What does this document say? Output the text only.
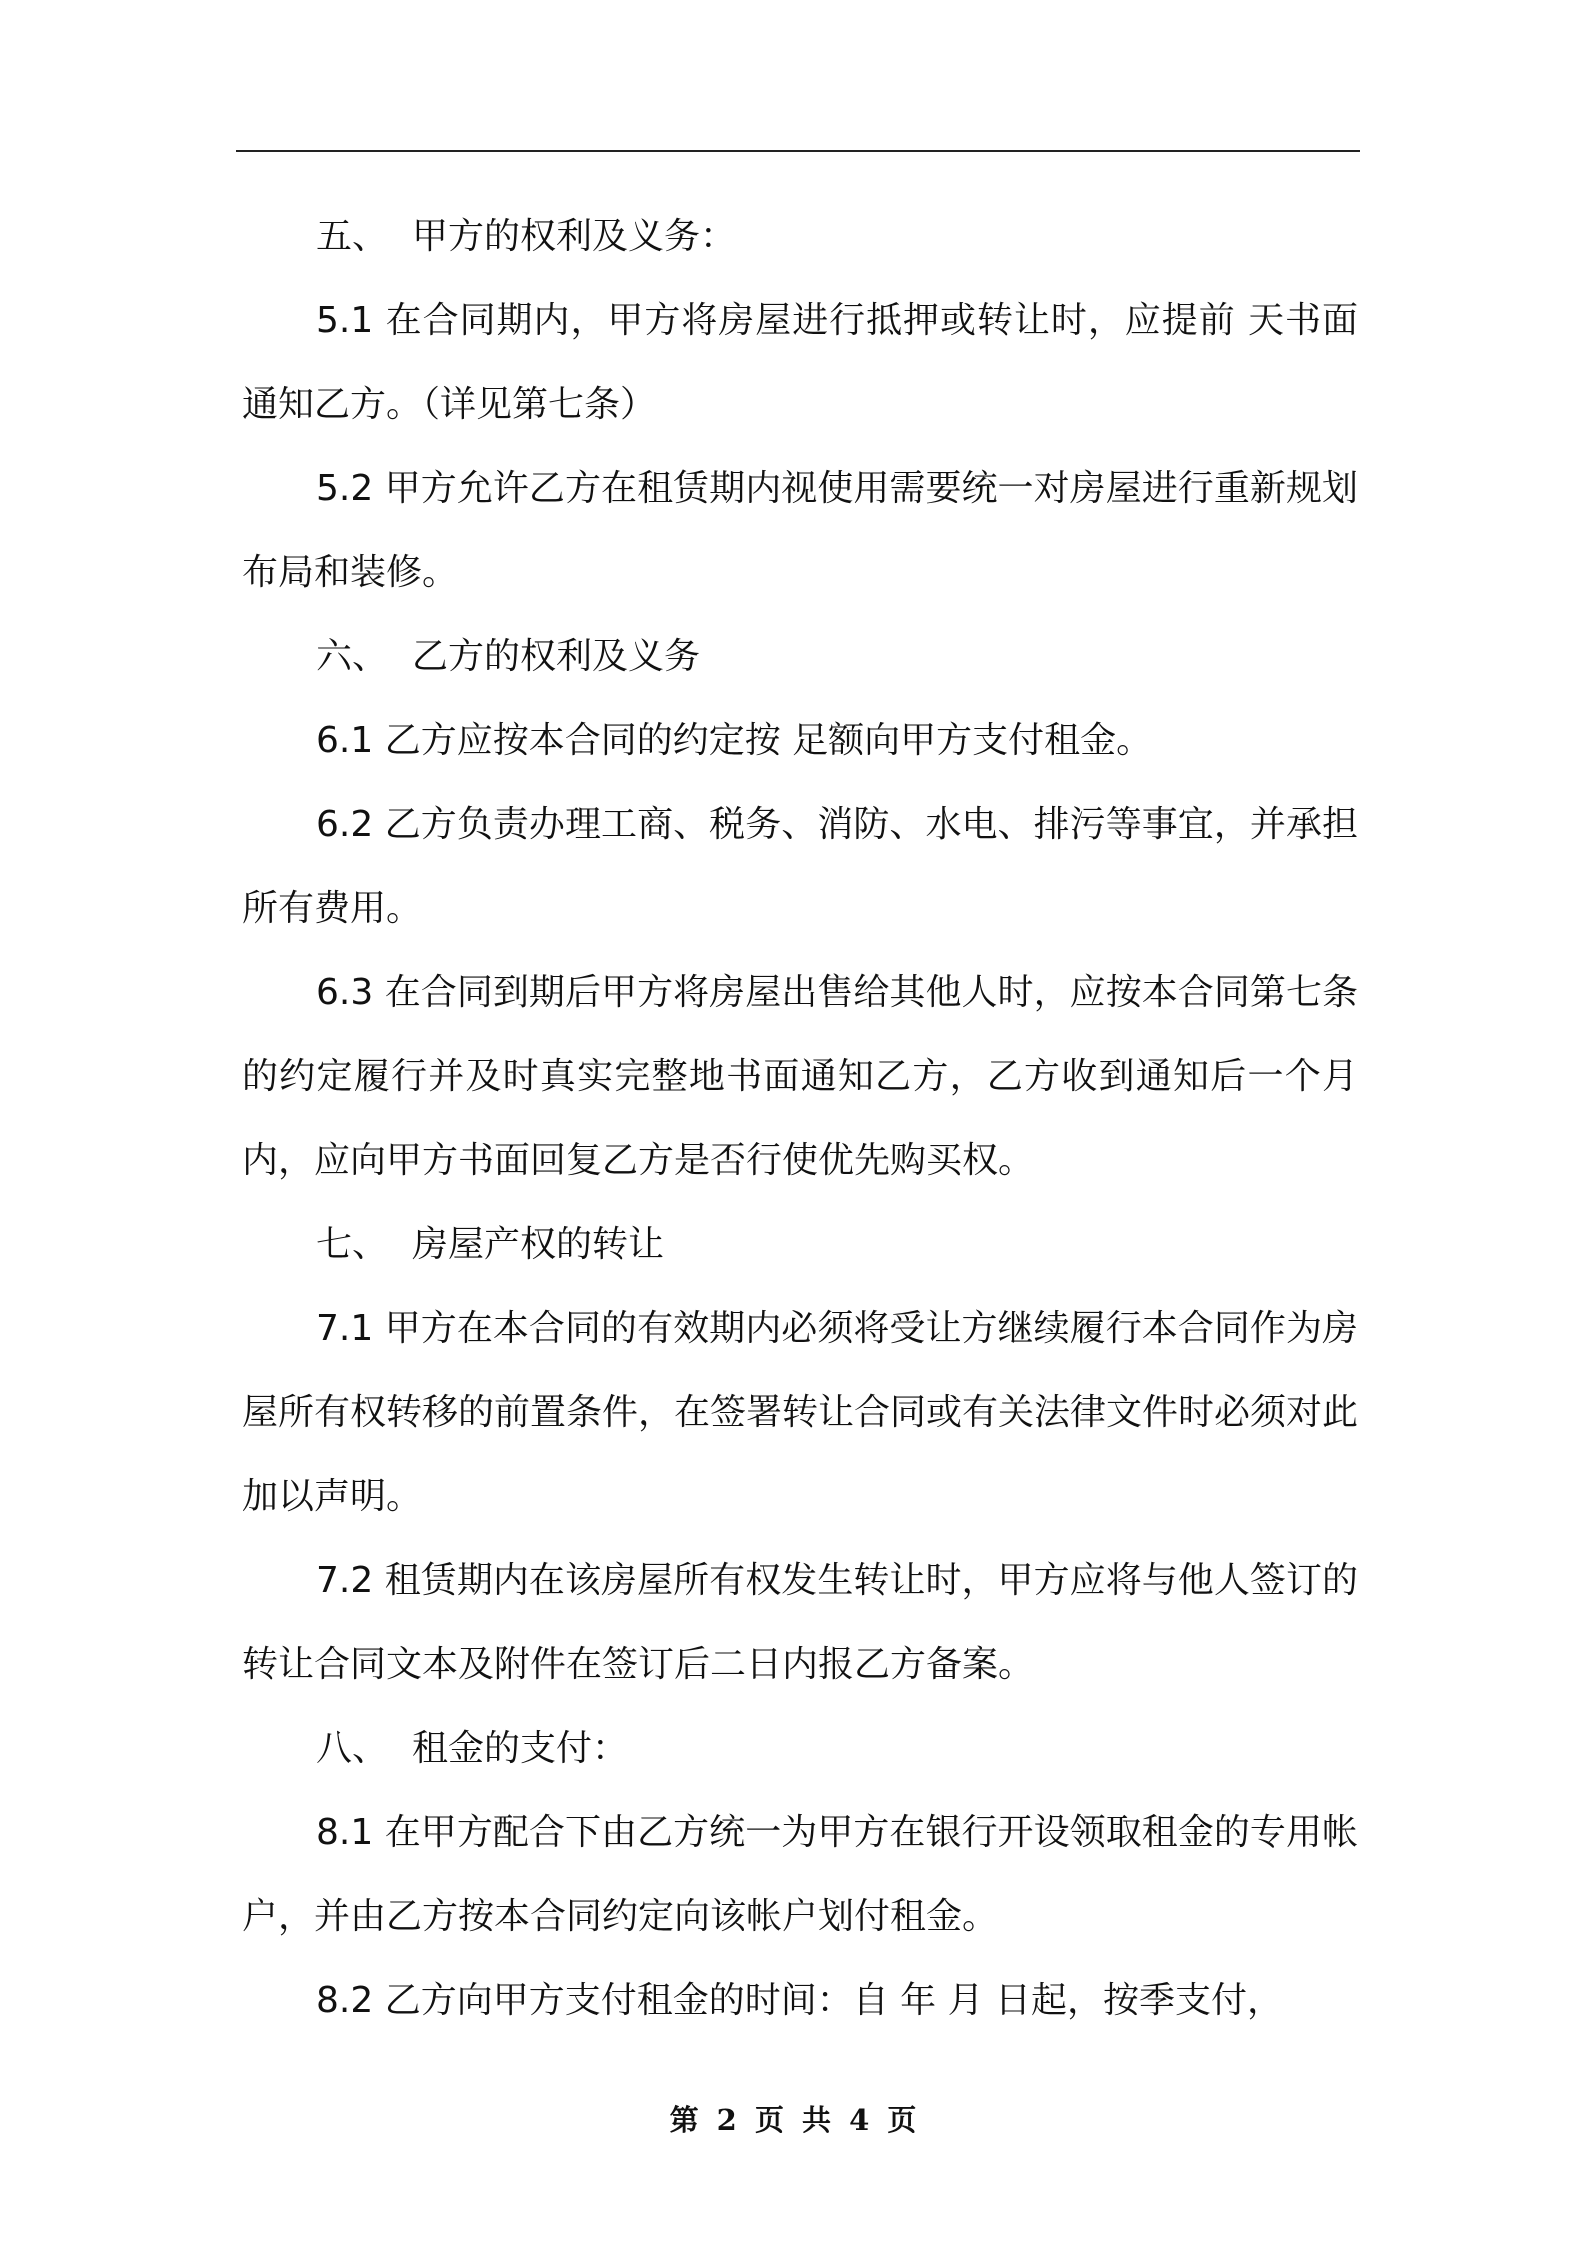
五、 甲方的权利及义务：

5.1 在合同期内，甲方将房屋进行抵押或转让时，应提前 天书面通知乙方。（详见第七条）

5.2 甲方允许乙方在租赁期内视使用需要统一对房屋进行重新规划布局和装修。

六、 乙方的权利及义务

6.1 乙方应按本合同的约定按 足额向甲方支付租金。

6.2 乙方负责办理工商、税务、消防、水电、排污等事宜，并承担所有费用。

6.3 在合同到期后甲方将房屋出售给其他人时，应按本合同第七条的约定履行并及时真实完整地书面通知乙方，乙方收到通知后一个月内，应向甲方书面回复乙方是否行使优先购买权。

七、 房屋产权的转让

7.1 甲方在本合同的有效期内必须将受让方继续履行本合同作为房屋所有权转移的前置条件，在签署转让合同或有关法律文件时必须对此加以声明。

7.2 租赁期内在该房屋所有权发生转让时，甲方应将与他人签订的转让合同文本及附件在签订后二日内报乙方备案。

八、 租金的支付：

8.1 在甲方配合下由乙方统一为甲方在银行开设领取租金的专用帐户，并由乙方按本合同约定向该帐户划付租金。

8.2 乙方向甲方支付租金的时间：自 年 月 日起，按季支付，

第 2 页 共 4 页
